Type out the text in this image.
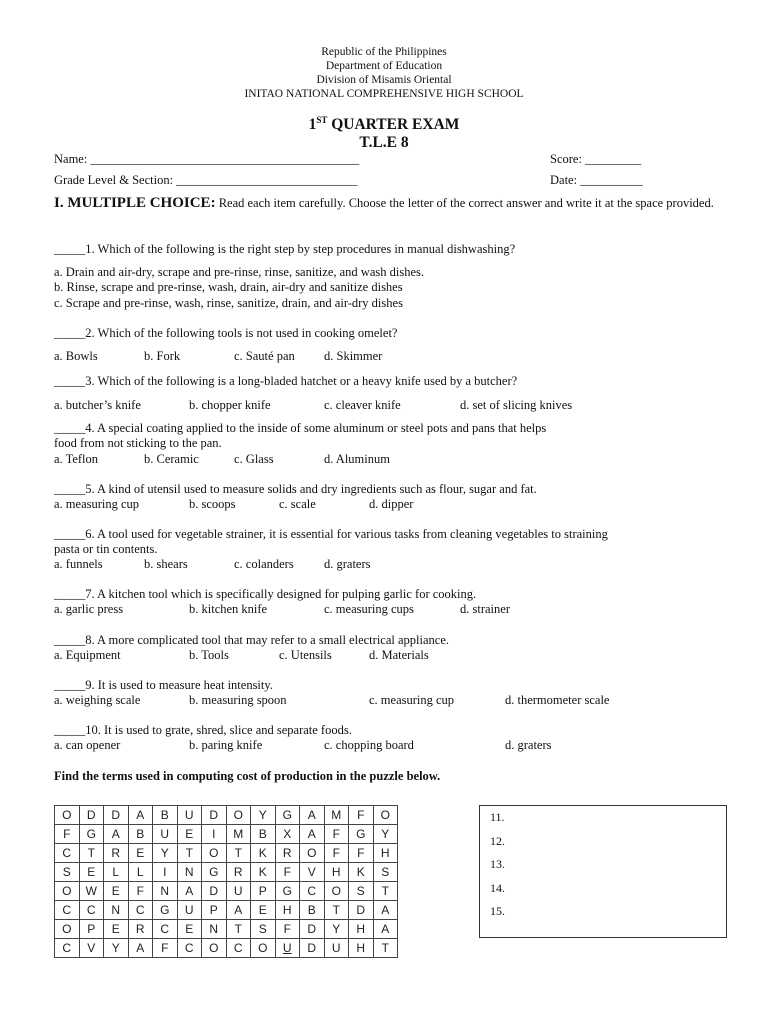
Republic of the Philippines
Department of Education
Division of Misamis Oriental
INITAO NATIONAL COMPREHENSIVE HIGH SCHOOL
1ST QUARTER EXAM
T.L.E 8
Name: ___________________________________________	Score: _________
Grade Level & Section: _____________________________	Date: __________
I. MULTIPLE CHOICE: Read each item carefully. Choose the letter of the correct answer and write it at the space provided.
_____1. Which of the following is the right step by step procedures in manual dishwashing?
a. Drain and air-dry, scrape and pre-rinse, rinse, sanitize, and wash dishes.
b. Rinse, scrape and pre-rinse, wash, drain, air-dry and sanitize dishes
c. Scrape and pre-rinse, wash, rinse, sanitize, drain, and air-dry dishes
_____2. Which of the following tools is not used in cooking omelet?
a. Bowls	b. Fork	c. Sauté pan d. Skimmer
_____3. Which of the following is a long-bladed hatchet or a heavy knife used by a butcher?
a. butcher’s knife	b. chopper knife	c. cleaver knife	d. set of slicing knives
_____4. A special coating applied to the inside of some aluminum or steel pots and pans that helps
food from not sticking to the pan.
a. Teflon	b. Ceramic	c. Glass	d. Aluminum
_____5. A kind of utensil used to measure solids and dry ingredients such as flour, sugar and fat.
a. measuring cup	b. scoops	c. scale	d. dipper
_____6. A tool used for vegetable strainer, it is essential for various tasks from cleaning vegetables to straining
pasta or tin contents.
a. funnels	b. shears	c. colanders d. graters
_____7. A kitchen tool which is specifically designed for pulping garlic for cooking.
a. garlic press	b. kitchen knife	c. measuring cups	d. strainer
_____8. A more complicated tool that may refer to a small electrical appliance.
a. Equipment	b. Tools	c. Utensils	d. Materials
_____9. It is used to measure heat intensity.
a. weighing scale	b. measuring spoon	c. measuring cup	d. thermometer scale
_____10. It is used to grate, shred, slice and separate foods.
a. can opener	b. paring knife	c. chopping board	d. graters
Find the terms used in computing cost of production in the puzzle below.
O	D	D	A	B	U	D	O	Y	G	A	M	F	O
F	G	A	B	U	E	I	M	B	X	A	F	G	Y
C	T	R	E	Y	T	O	T	K	R	O	F	F	H
S	E	L	L	I	N	G	R	K	F	V	H	K	S
O	W	E	F	N	A	D	U	P	G	C	O	S	T
C	C	N	C	G	U	P	A	E	H	B	T	D	A
O	P	E	R	C	E	N	T	S	F	D	Y	H	A
C	V	Y	A	F	C	O	C	O	U	D	U	H	T
11.
12.
13.
14.
15.
